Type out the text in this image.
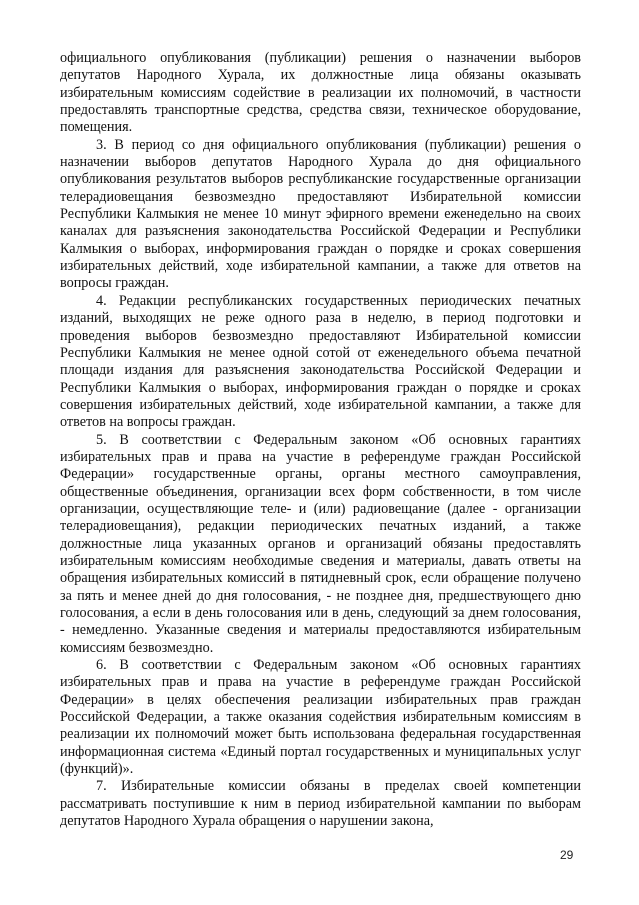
официального опубликования (публикации) решения о назначении выборов депутатов Народного Хурала, их должностные лица обязаны оказывать избирательным комиссиям содействие в реализации их полномочий, в частности предоставлять транспортные средства, средства связи, техническое оборудование, помещения.

3. В период со дня официального опубликования (публикации) решения о назначении выборов депутатов Народного Хурала до дня официального опубликования результатов выборов республиканские государственные организации телерадиовещания безвозмездно предоставляют Избирательной комиссии Республики Калмыкия не менее 10 минут эфирного времени еженедельно на своих каналах для разъяснения законодательства Российской Федерации и Республики Калмыкия о выборах, информирования граждан о порядке и сроках совершения избирательных действий, ходе избирательной кампании, а также для ответов на вопросы граждан.

4. Редакции республиканских государственных периодических печатных изданий, выходящих не реже одного раза в неделю, в период подготовки и проведения выборов безвозмездно предоставляют Избирательной комиссии Республики Калмыкия не менее одной сотой от еженедельного объема печатной площади издания для разъяснения законодательства Российской Федерации и Республики Калмыкия о выборах, информирования граждан о порядке и сроках совершения избирательных действий, ходе избирательной кампании, а также для ответов на вопросы граждан.

5. В соответствии с Федеральным законом «Об основных гарантиях избирательных прав и права на участие в референдуме граждан Российской Федерации» государственные органы, органы местного самоуправления, общественные объединения, организации всех форм собственности, в том числе организации, осуществляющие теле- и (или) радиовещание (далее - организации телерадиовещания), редакции периодических печатных изданий, а также должностные лица указанных органов и организаций обязаны предоставлять избирательным комиссиям необходимые сведения и материалы, давать ответы на обращения избирательных комиссий в пятидневный срок, если обращение получено за пять и менее дней до дня голосования, - не позднее дня, предшествующего дню голосования, а если в день голосования или в день, следующий за днем голосования, - немедленно. Указанные сведения и материалы предоставляются избирательным комиссиям безвозмездно.

6. В соответствии с Федеральным законом «Об основных гарантиях избирательных прав и права на участие в референдуме граждан Российской Федерации» в целях обеспечения реализации избирательных прав граждан Российской Федерации, а также оказания содействия избирательным комиссиям в реализации их полномочий может быть использована федеральная государственная информационная система «Единый портал государственных и муниципальных услуг (функций)».

7. Избирательные комиссии обязаны в пределах своей компетенции рассматривать поступившие к ним в период избирательной кампании по выборам депутатов Народного Хурала обращения о нарушении закона,

29
